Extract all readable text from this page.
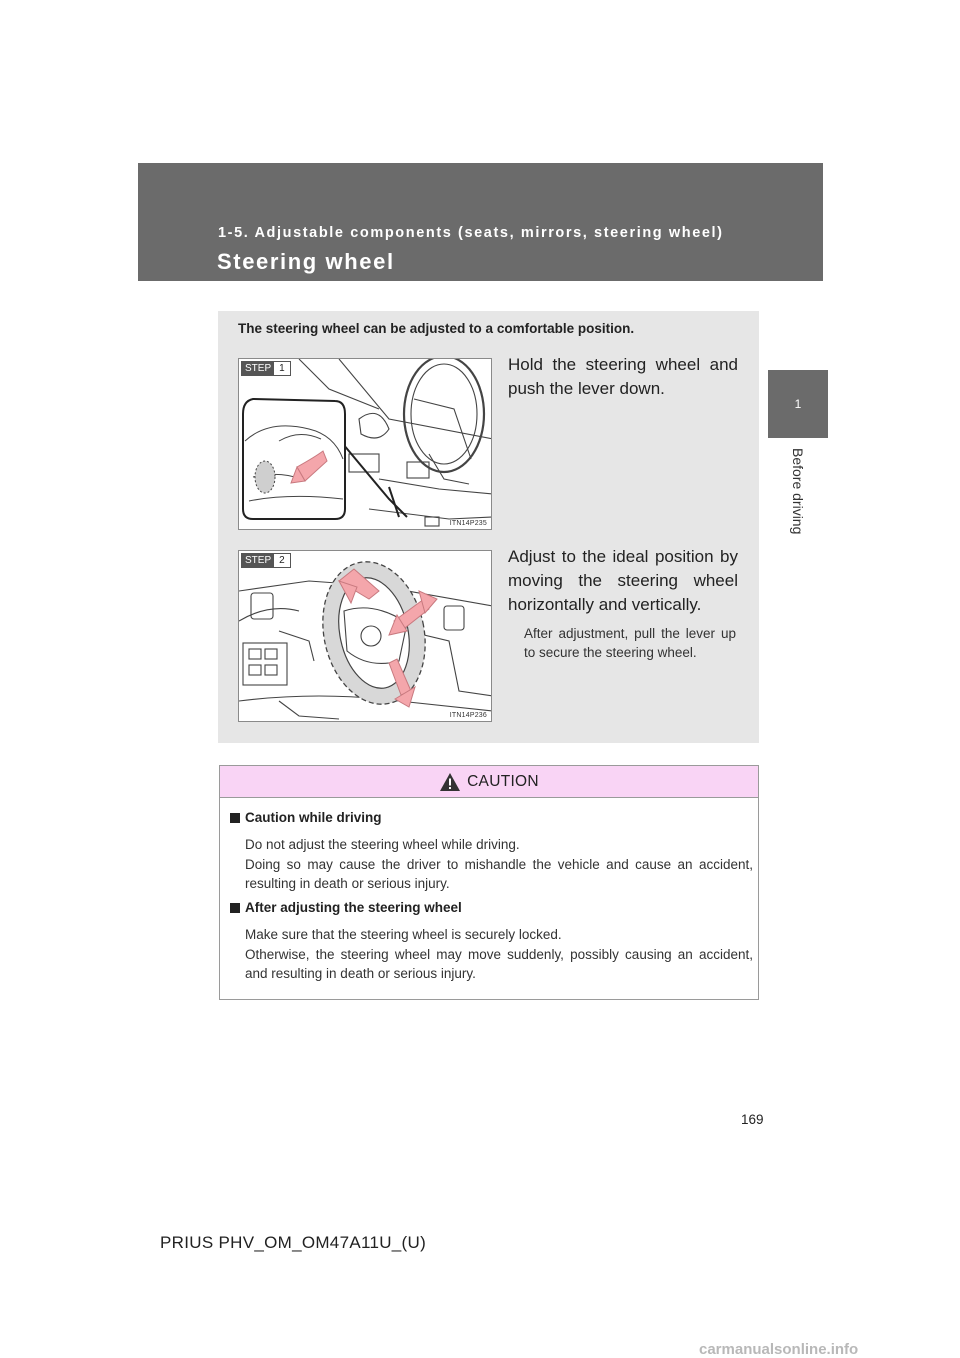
1-5. Adjustable components (seats, mirrors, steering wheel)
Steering wheel
1
Before driving
The steering wheel can be adjusted to a comfortable position.
STEP 1
ITN14P235
Hold the steering wheel and push the lever down.
STEP 2
ITN14P236
Adjust to the ideal position by moving the steering wheel horizontally and vertically.
After adjustment, pull the lever up to secure the steering wheel.
CAUTION
Caution while driving

Do not adjust the steering wheel while driving.

Doing so may cause the driver to mishandle the vehicle and cause an accident, resulting in death or serious injury.

After adjusting the steering wheel

Make sure that the steering wheel is securely locked.

Otherwise, the steering wheel may move suddenly, possibly causing an accident, and resulting in death or serious injury.

169
PRIUS PHV_OM_OM47A11U_(U)
carmanualsonline.info
